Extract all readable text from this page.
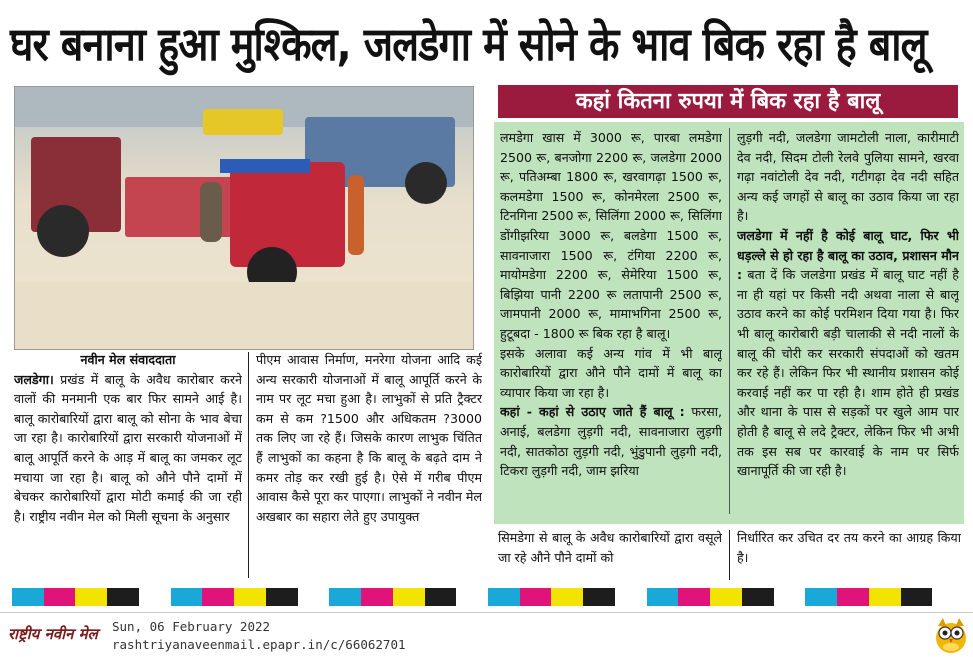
घर बनाना हुआ मुश्किल, जलडेगा में सोने के भाव बिक रहा है बालू

नवीन मेल संवाददाता

जलडेगा। प्रखंड में बालू के अवैध कारोबार करने वालों की मनमानी एक बार फिर सामने आई है। बालू कारोबारियों द्वारा बालू को सोना के भाव बेचा जा रहा है। कारोबारियों द्वारा सरकारी योजनाओं में बालू आपूर्ति करने के आड़ में बालू का जमकर लूट मचाया जा रहा है। बालू को औने पौने दामों में बेचकर कारोबारियों द्वारा मोटी कमाई की जा रही है। राष्ट्रीय नवीन मेल को मिली सूचना के अनुसार

पीएम आवास निर्माण, मनरेगा योजना आदि कई अन्य सरकारी योजनाओं में बालू आपूर्ति करने के नाम पर लूट मचा हुआ है। लाभुकों से प्रति ट्रैक्टर कम से कम ?1500 और अधिकतम ?3000 तक लिए जा रहे हैं। जिसके कारण लाभुक चिंतित हैं लाभुकों का कहना है कि बालू के बढ़ते दाम ने कमर तोड़ कर रखी हुई है। ऐसे में गरीब पीएम आवास कैसे पूरा कर पाएगा। लाभुकों ने नवीन मेल अखबार का सहारा लेते हुए उपायुक्त

कहां कितना रुपया में बिक रहा है बालू

लमडेगा खास में 3000 रू, पारबा लमडेगा 2500 रू, बनजोगा 2200 रू, जलडेगा 2000 रू, पतिअम्बा 1800 रू, खरवागढ़ा 1500 रू, कलमडेगा 1500 रू, कोनमेरला 2500 रू, टिनगिना 2500 रू, सिलिंगा 2000 रू, सिलिंगा डोंगीझरिया 3000 रू, बलडेगा 1500 रू, सावनाजारा 1500 रू, टंगिया 2200 रू, मायोमडेगा 2200 रू, सेमेरिया 1500 रू, बिझिया पानी 2200 रू लतापानी 2500 रू, जामपानी 2000 रू, मामाभगिना 2500 रू, हुटूबदा - 1800 रू बिक रहा है बालू।

इसके अलावा कई अन्य गांव में भी बालू कारोबारियों द्वारा औने पौने दामों में बालू का व्यापार किया जा रहा है।

कहां - कहां से उठाए जाते हैं बालू : फरसा, अनाई, बलडेगा लुड़गी नदी, सावनाजारा लुड़गी नदी, सातकोठा लुड़गी नदी, भुंडुपानी लुड़गी नदी, टिकरा लुड़गी नदी, जाम झरिया

लुड़गी नदी, जलडेगा जामटोली नाला, कारीमाटी देव नदी, सिदम टोली रेलवे पुलिया सामने, खरवा गढ़ा नवांटोली देव नदी, गटीगढ़ा देव नदी सहित अन्य कई जगहों से बालू का उठाव किया जा रहा है।

जलडेगा में नहीं है कोई बालू घाट, फिर भी धड़ल्ले से हो रहा है बालू का उठाव, प्रशासन मौन : बता दें कि जलडेगा प्रखंड में बालू घाट नहीं है ना ही यहां पर किसी नदी अथवा नाला से बालू उठाव करने का कोई परमिशन दिया गया है। फिर भी बालू कारोबारी बड़ी चालाकी से नदी नालों के बालू की चोरी कर सरकारी संपदाओं को खतम कर रहे हैं। लेकिन फिर भी स्थानीय प्रशासन कोई करवाई नहीं कर पा रही है। शाम होते ही प्रखंड और थाना के पास से सड़कों पर खुले आम पार होती है बालू से लदे ट्रैक्टर, लेकिन फिर भी अभी तक इस सब पर कारवाई के नाम पर सिर्फ खानापूर्ति की जा रही है।

सिमडेगा से बालू के अवैध कारोबारियों द्वारा वसूले जा रहे औने पौने दामों को

निर्धारित कर उचित दर तय करने का आग्रह किया है।

राष्ट्रीय नवीन मेल Sun, 06 February 2022
rashtriyanaveenmail.epapr.in/c/66062701
